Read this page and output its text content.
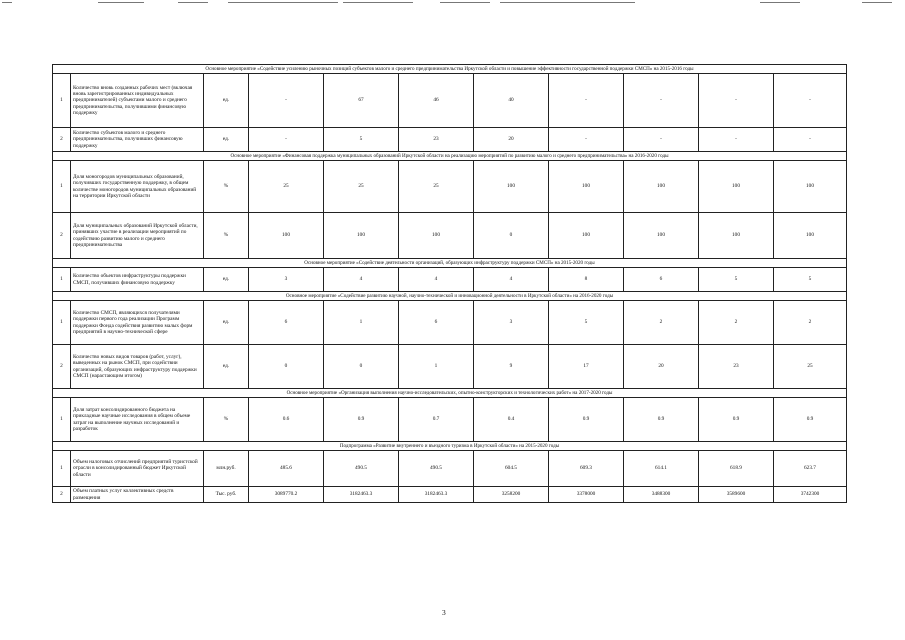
Основное мероприятие «Содействие усилению рыночных позиций субъектов малого и среднего предпринимательства Иркутской области и повышение эффективности государственной поддержки СМСП» на 2015-2016 годы										
1	Количество вновь созданных рабочих мест (включая вновь зарегистрированных индивидуальных предпринимателей) субъектами малого и среднего предпринимательства, получившими финансовую поддержку	ед.	-	67	46	40	-	-	-	-
2	Количество субъектов малого и среднего предпринимательства, получивших финансовую поддержку	ед.	-	5	23	20	-	-	-	-
Основное мероприятие «Финансовая поддержка муниципальных образований Иркутской области на реализацию мероприятий по развитию малого и среднего предпринимательства» на 2016-2020 годы										
1	Доля моногородов муниципальных образований, получивших государственную поддержку, в общем количестве моногородов муниципальных образований на территории Иркутской области	%	25	25	25	100	100	100	100	100
2	Доля муниципальных образований Иркутской области, принявших участие в реализации мероприятий по содействию развитию малого и среднего предпринимательства	%	100	100	100	0	100	100	100	100
Основное мероприятие «Содействие деятельности организаций, образующих инфраструктуру поддержки СМСП» на 2015-2020 годы										
1	Количество объектов инфраструктуры поддержки СМСП, получивших финансовую поддержку	ед.	3	4	4	4	8	6	5	5
Основное мероприятие «Содействие развитию научной, научно-технической и инновационной деятельности в Иркутской области» на 2016-2020 годы										
1	Количество СМСП, являющихся получателями поддержки первого года реализации Программ поддержки Фонда содействия развитию малых форм предприятий в научно-технической сфере	ед.	6	1	6	3	5	2	2	2
2	Количество новых видов товаров (работ, услуг), выведенных на рынок СМСП, при содействии организаций, образующих инфраструктуру поддержки СМСП (нарастающим итогом)	ед.	0	0	1	9	17	20	23	25
Основное мероприятие «Организация выполнения научно-исследовательских, опытно-конструкторских и технологических работ» на 2017-2020 годы										
1	Доля затрат консолидированного бюджета на прикладные научные исследования в общем объеме затрат на выполнение научных исследований и разработок	%	0.6	0.9	0.7	0.4	0.9	0.9	0.9	0.9
Подпрограмма «Развитие внутреннего и въездного туризма в Иркутской области» на 2015-2020 годы										
1	Объем налоговых отчислений предприятий туристской отрасли в консолидированный бюджет Иркутской области	млн.руб.	485.6	490.5	490.5	604.5	609.3	614.1	618.9	623.7
2	Объем платных услуг коллективных средств размещения	Тыс. руб.	3089770.2	3182463.3	3182463.3	3258200	3378000	3488300	3589600	3742300
3
